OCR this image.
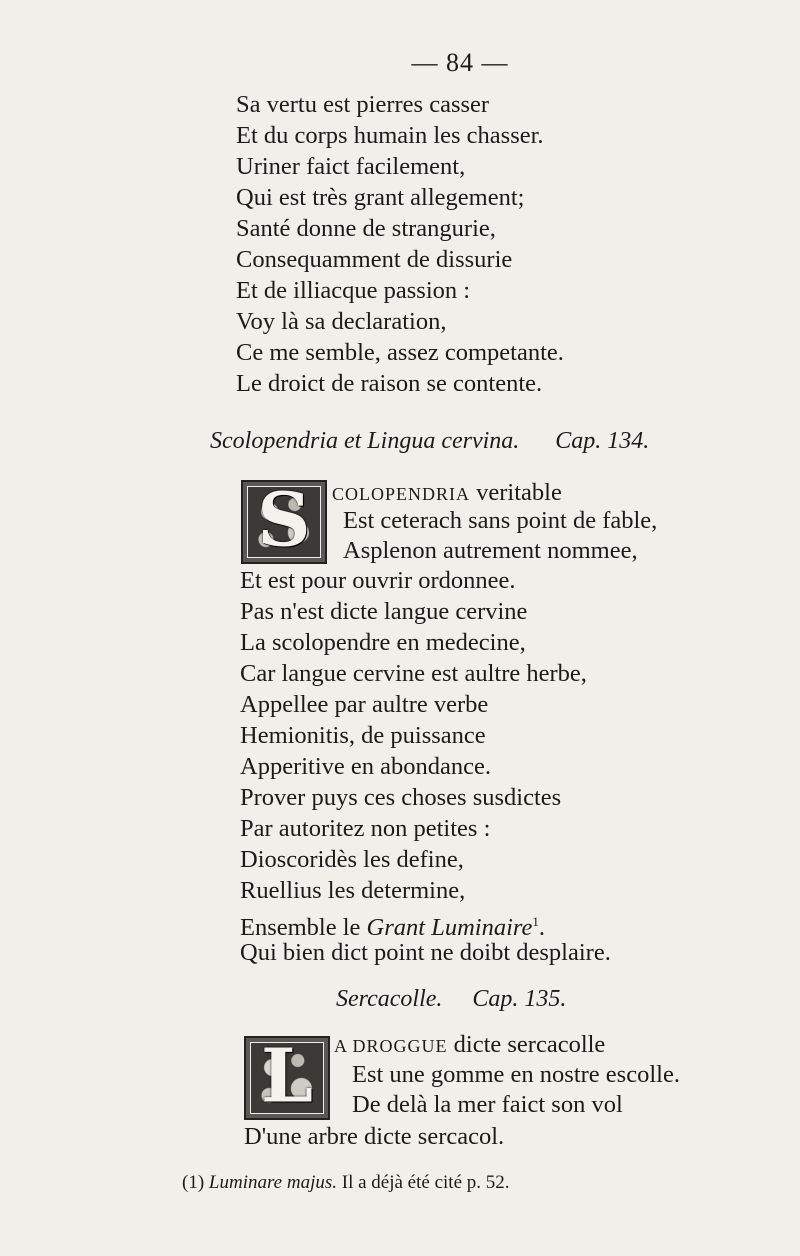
— 84 —
Sa vertu est pierres casser
Et du corps humain les chasser.
Uriner faict facilement,
Qui est très grant allegement;
Santé donne de strangurie,
Consequamment de dissurie
Et de illiacque passion :
Voy là sa declaration,
Ce me semble, assez competante.
Le droict de raison se contente.
Scolopendria et Lingua cervina. Cap. 134.
S	COLOPENDRIA veritable
Est ceterach sans point de fable,
Asplenon autrement nommee,
Et est pour ouvrir ordonnee.
Pas n'est dicte langue cervine
La scolopendre en medecine,
Car langue cervine est aultre herbe,
Appellee par aultre verbe
Hemionitis, de puissance
Apperitive en abondance.
Prover puys ces choses susdictes
Par autoritez non petites :
Dioscoridès les define,
Ruellius les determine,
Ensemble le Grant Luminaire$^1$.
Qui bien dict point ne doibt desplaire.
Sercacolle. Cap. 135.
L	A DROGGUE dicte sercacolle
Est une gomme en nostre escolle.
De delà la mer faict son vol
D'une arbre dicte sercacol.
(1) Luminare majus. Il a déjà été cité p. 52.
